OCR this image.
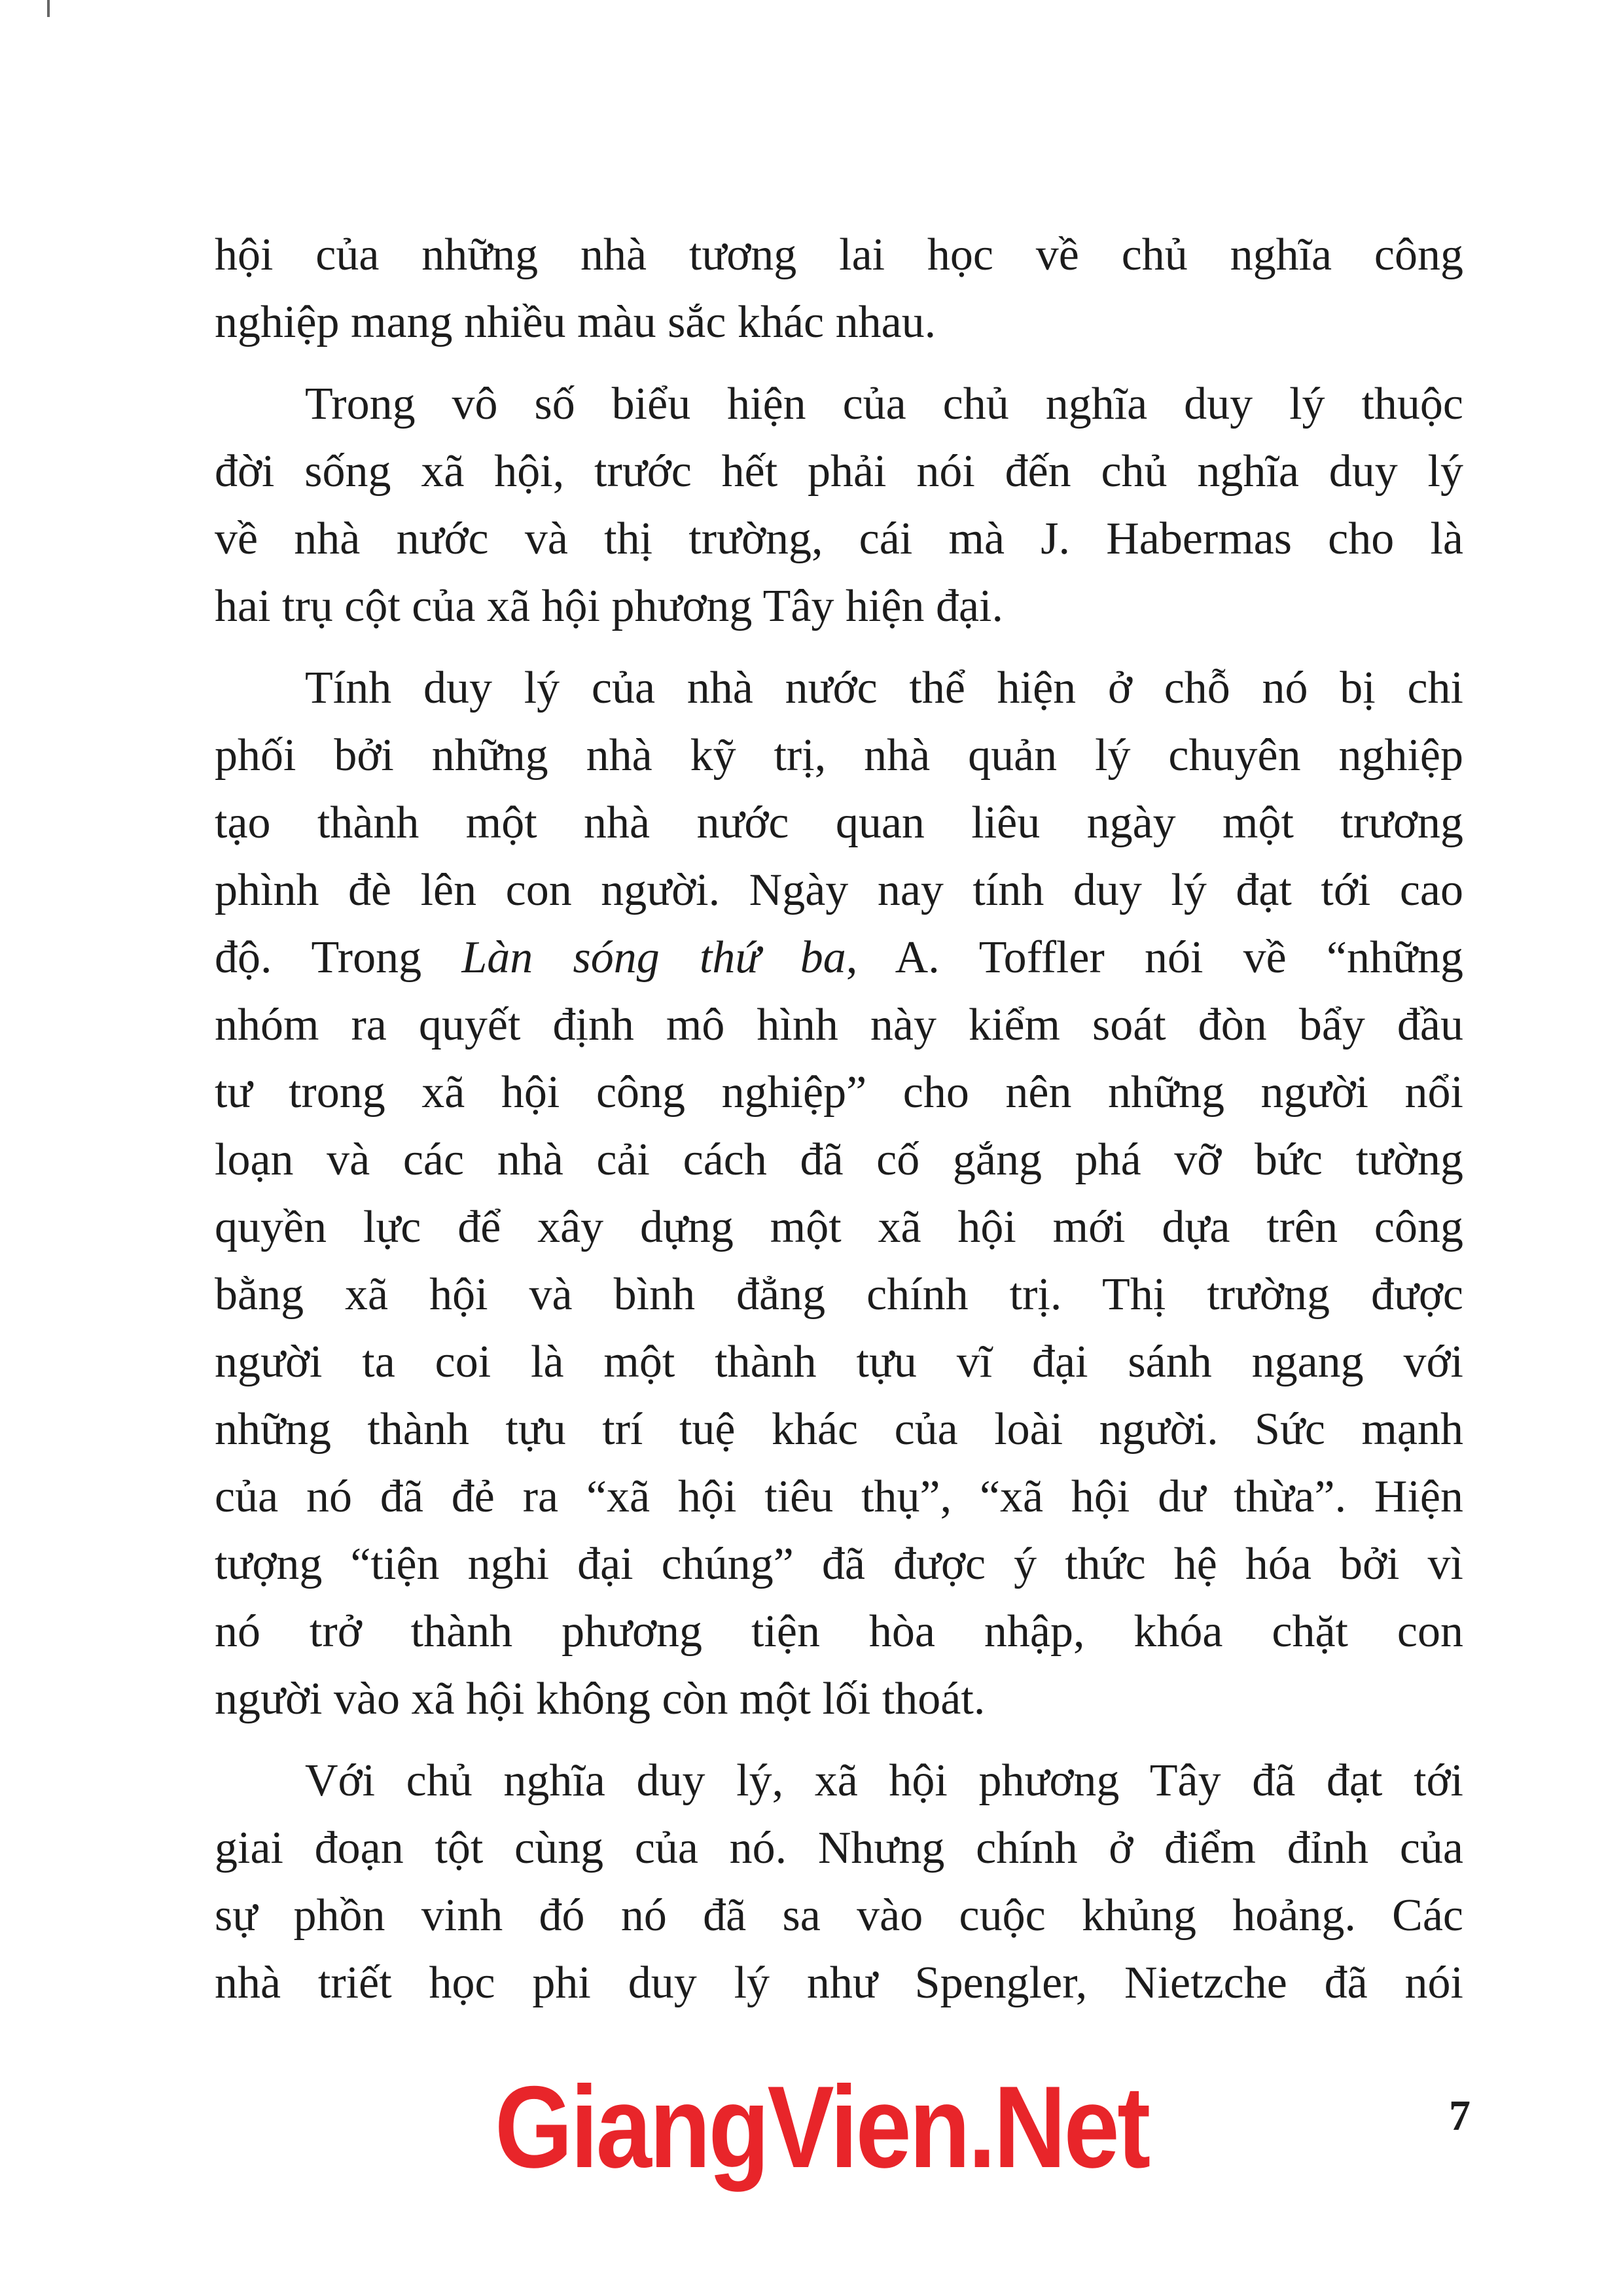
hội của những nhà tương lai học về chủ nghĩa công
nghiệp mang nhiều màu sắc khác nhau.

Trong vô số biểu hiện của chủ nghĩa duy lý thuộc
đời sống xã hội, trước hết phải nói đến chủ nghĩa duy lý
về nhà nước và thị trường, cái mà J. Habermas cho là
hai trụ cột của xã hội phương Tây hiện đại.

Tính duy lý của nhà nước thể hiện ở chỗ nó bị chi
phối bởi những nhà kỹ trị, nhà quản lý chuyên nghiệp
tạo thành một nhà nước quan liêu ngày một trương
phình đè lên con người. Ngày nay tính duy lý đạt tới cao
độ. Trong Làn sóng thứ ba, A. Toffler nói về “những
nhóm ra quyết định mô hình này kiểm soát đòn bẩy đầu
tư trong xã hội công nghiệp” cho nên những người nổi
loạn và các nhà cải cách đã cố gắng phá vỡ bức tường
quyền lực để xây dựng một xã hội mới dựa trên công
bằng xã hội và bình đẳng chính trị. Thị trường được
người ta coi là một thành tựu vĩ đại sánh ngang với
những thành tựu trí tuệ khác của loài người. Sức mạnh
của nó đã đẻ ra “xã hội tiêu thụ”, “xã hội dư thừa”. Hiện
tượng “tiện nghi đại chúng” đã được ý thức hệ hóa bởi vì
nó trở thành phương tiện hòa nhập, khóa chặt con
người vào xã hội không còn một lối thoát.

Với chủ nghĩa duy lý, xã hội phương Tây đã đạt tới
giai đoạn tột cùng của nó. Nhưng chính ở điểm đỉnh của
sự phồn vinh đó nó đã sa vào cuộc khủng hoảng. Các
nhà triết học phi duy lý như Spengler, Nietzche đã nói

GiangVien.Net	7
